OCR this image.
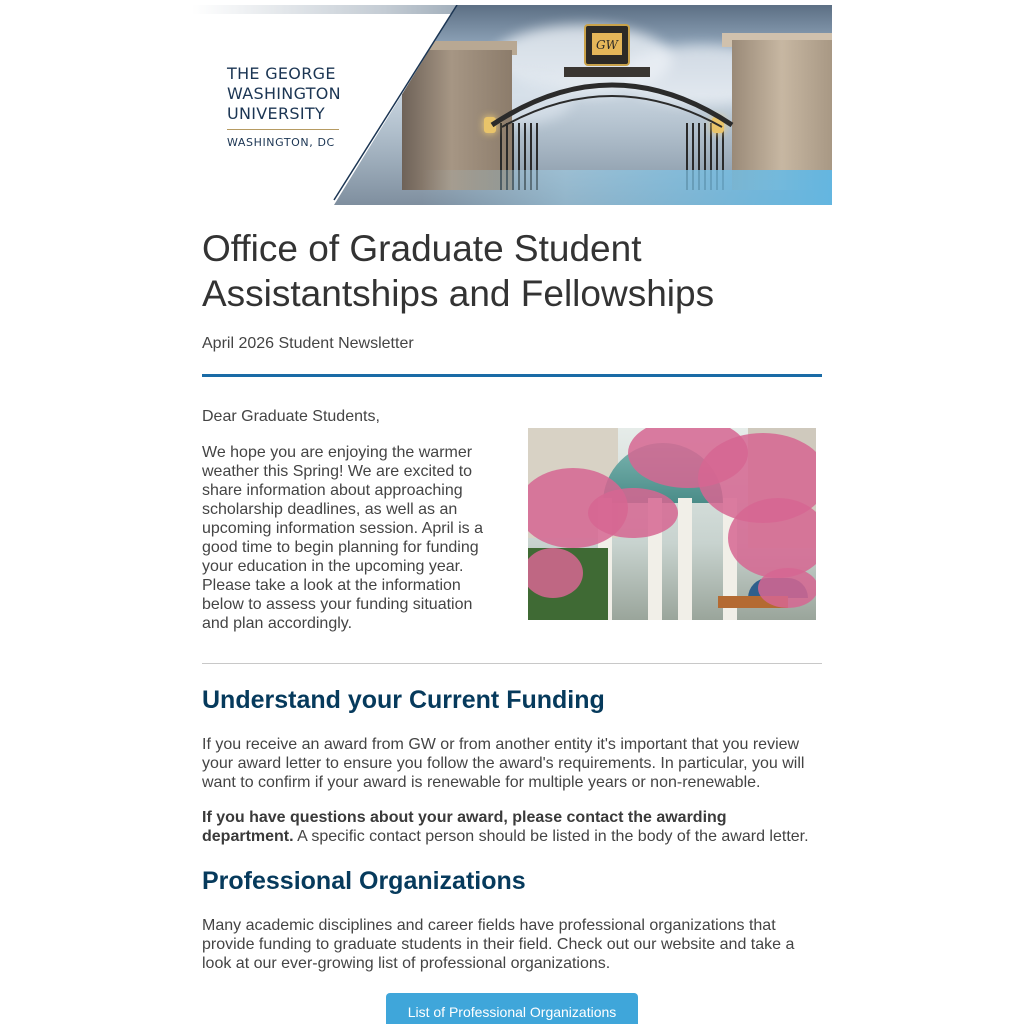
GW
THE GEORGE
WASHINGTON
UNIVERSITY
WASHINGTON, DC
Office of Graduate Student Assistantships and Fellowships

April 2026 Student Newsletter

Dear Graduate Students,

We hope you are enjoying the warmer weather this Spring! We are excited to share information about approaching scholarship deadlines, as well as an upcoming information session. April is a good time to begin planning for funding your education in the upcoming year. Please take a look at the information below to assess your funding situation and plan accordingly.

Understand your Current Funding

If you receive an award from GW or from another entity it's important that you review your award letter to ensure you follow the award's requirements. In particular, you will want to confirm if your award is renewable for multiple years or non-renewable.

If you have questions about your award, please contact the awarding department. A specific contact person should be listed in the body of the award letter.

Professional Organizations

Many academic disciplines and career fields have professional organizations that provide funding to graduate students in their field. Check out our website and take a look at our ever-growing list of professional organizations.

List of Professional Organizations
